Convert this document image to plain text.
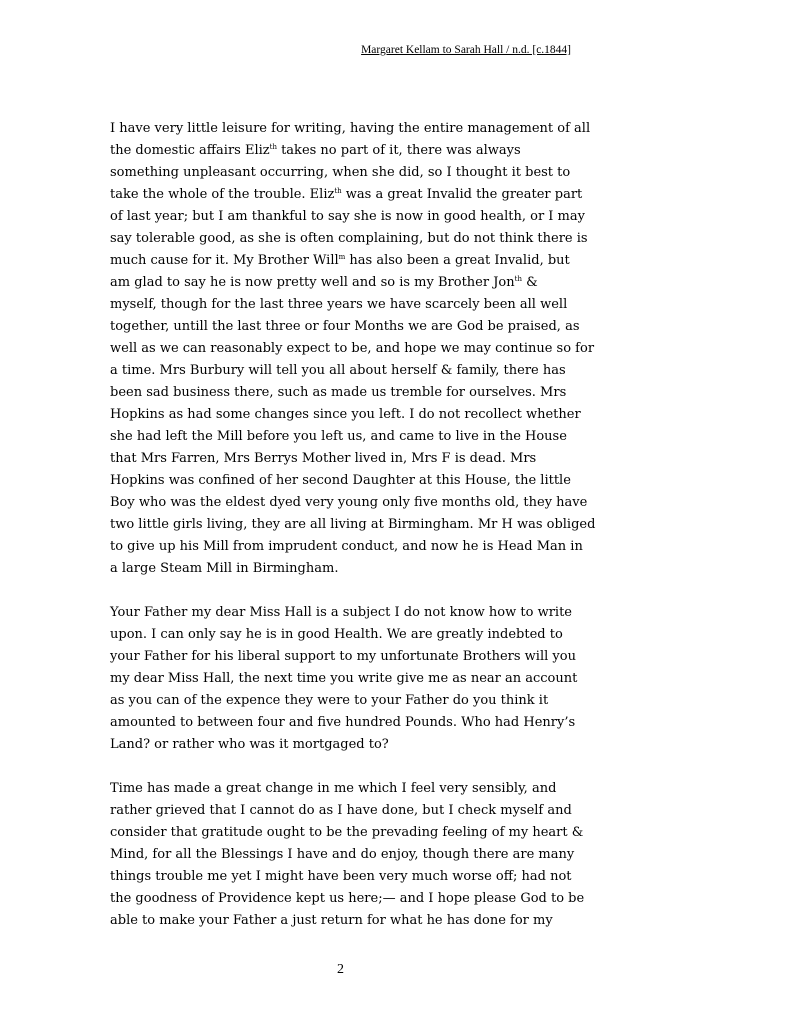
Margaret Kellam to Sarah Hall / n.d. [c.1844]

I have very little leisure for writing, having the entire management of all
the domestic affairs Eliz$^{th}$ takes no part of it, there was always
something unpleasant occurring, when she did, so I thought it best to
take the whole of the trouble. Eliz$^{th}$ was a great Invalid the greater part
of last year; but I am thankful to say she is now in good health, or I may
say tolerable good, as she is often complaining, but do not think there is
much cause for it. My Brother Will$^m$ has also been a great Invalid, but
am glad to say he is now pretty well and so is my Brother Jon$^{th}$ &
myself, though for the last three years we have scarcely been all well
together, untill the last three or four Months we are God be praised, as
well as we can reasonably expect to be, and hope we may continue so for
a time. Mrs Burbury will tell you all about herself & family, there has
been sad business there, such as made us tremble for ourselves. Mrs
Hopkins as had some changes since you left. I do not recollect whether
she had left the Mill before you left us, and came to live in the House
that Mrs Farren, Mrs Berrys Mother lived in, Mrs F is dead. Mrs
Hopkins was confined of her second Daughter at this House, the little
Boy who was the eldest dyed very young only five months old, they have
two little girls living, they are all living at Birmingham. Mr H was obliged
to give up his Mill from imprudent conduct, and now he is Head Man in
a large Steam Mill in Birmingham.

Your Father my dear Miss Hall is a subject I do not know how to write
upon. I can only say he is in good Health. We are greatly indebted to
your Father for his liberal support to my unfortunate Brothers will you
my dear Miss Hall, the next time you write give me as near an account
as you can of the expence they were to your Father do you think it
amounted to between four and five hundred Pounds. Who had Henry’s
Land? or rather who was it mortgaged to?

Time has made a great change in me which I feel very sensibly, and
rather grieved that I cannot do as I have done, but I check myself and
consider that gratitude ought to be the prevading feeling of my heart &
Mind, for all the Blessings I have and do enjoy, though there are many
things trouble me yet I might have been very much worse off; had not
the goodness of Providence kept us here;— and I hope please God to be
able to make your Father a just return for what he has done for my

2
